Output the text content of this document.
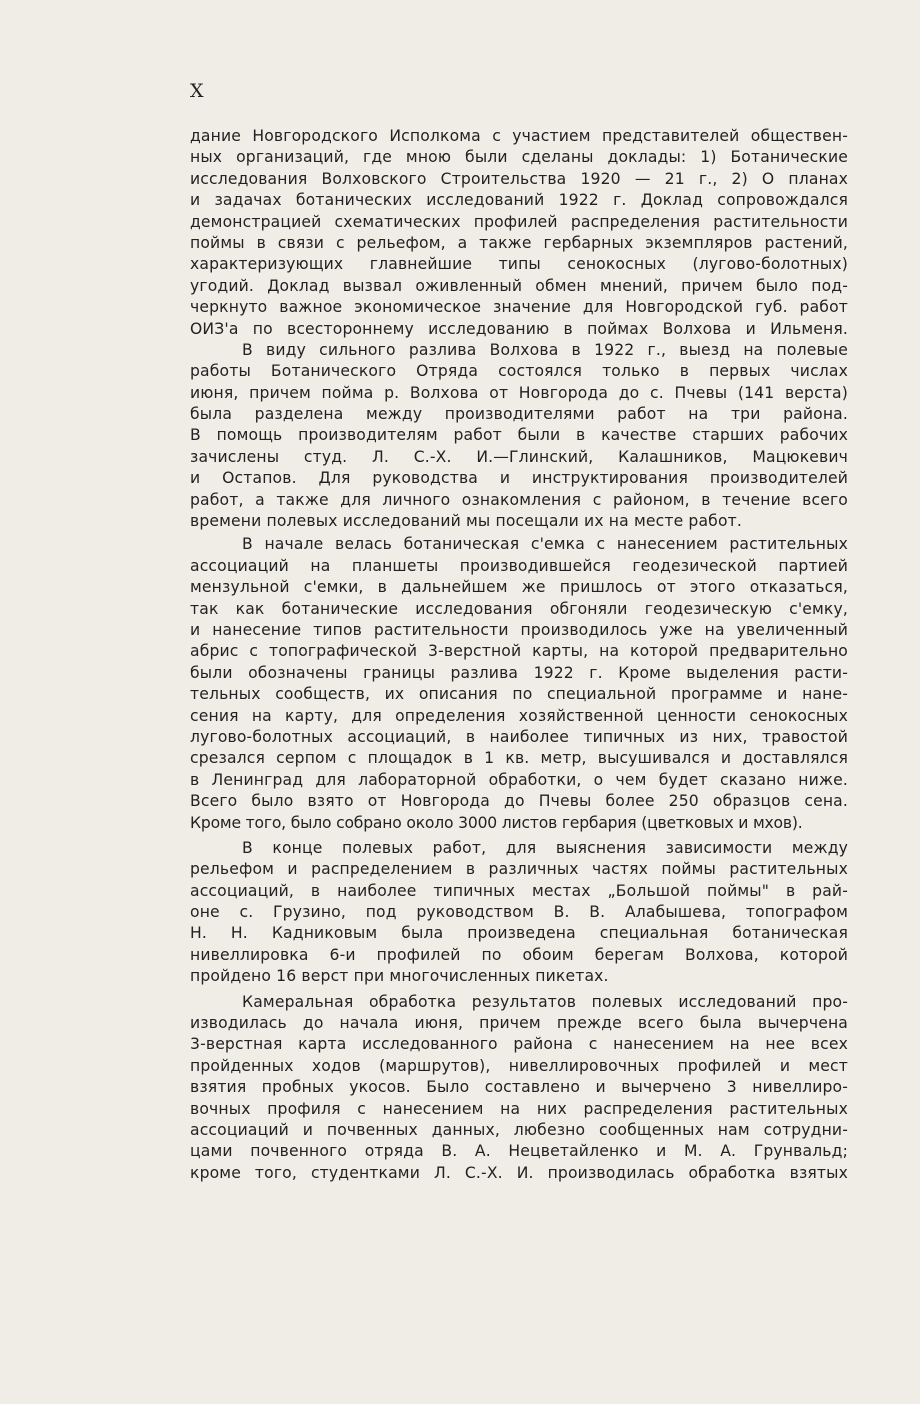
X
дание Новгородского Исполкома с участием представителей обществен-
ных организаций, где мною были сделаны доклады: 1) Ботанические
исследования Волховского Строительства 1920 — 21 г., 2) О планах
и задачах ботанических исследований 1922 г. Доклад сопровождался
демонстрацией схематических профилей распределения растительности
поймы в связи с рельефом, а также гербарных экземпляров растений,
характеризующих главнейшие типы сенокосных (лугово-болотных)
угодий. Доклад вызвал оживленный обмен мнений, причем было под-
черкнуто важное экономическое значение для Новгородской губ. работ
ОИЗ'а по всестороннему исследованию в поймах Волхова и Ильменя.
В виду сильного разлива Волхова в 1922 г., выезд на полевые
работы Ботанического Отряда состоялся только в первых числах
июня, причем пойма р. Волхова от Новгорода до с. Пчевы (141 верста)
была разделена между производителями работ на три района.
В помощь производителям работ были в качестве старших рабочих
зачислены студ. Л. С.-Х. И.—Глинский, Калашников, Мацюкевич
и Остапов. Для руководства и инструктирования производителей
работ, а также для личного ознакомления с районом, в течение всего
времени полевых исследований мы посещали их на месте работ.
В начале велась ботаническая с'емка с нанесением растительных
ассоциаций на планшеты производившейся геодезической партией
мензульной с'емки, в дальнейшем же пришлось от этого отказаться,
так как ботанические исследования обгоняли геодезическую с'емку,
и нанесение типов растительности производилось уже на увеличенный
абрис с топографической 3-верстной карты, на которой предварительно
были обозначены границы разлива 1922 г. Кроме выделения расти-
тельных сообществ, их описания по специальной программе и нане-
сения на карту, для определения хозяйственной ценности сенокосных
лугово-болотных ассоциаций, в наиболее типичных из них, травостой
срезался серпом с площадок в 1 кв. метр, высушивался и доставлялся
в Ленинград для лабораторной обработки, о чем будет сказано ниже.
Всего было взято от Новгорода до Пчевы более 250 образцов сена.
Кроме того, было собрано около 3000 листов гербария (цветковых и мхов).
В конце полевых работ, для выяснения зависимости между
рельефом и распределением в различных частях поймы растительных
ассоциаций, в наиболее типичных местах „Большой поймы" в рай-
оне с. Грузино, под руководством В. В. Алабышева, топографом
Н. Н. Кадниковым была произведена специальная ботаническая
нивеллировка 6-и профилей по обоим берегам Волхова, которой
пройдено 16 верст при многочисленных пикетах.
Камеральная обработка результатов полевых исследований про-
изводилась до начала июня, причем прежде всего была вычерчена
3-верстная карта исследованного района с нанесением на нее всех
пройденных ходов (маршрутов), нивеллировочных профилей и мест
взятия пробных укосов. Было составлено и вычерчено 3 нивеллиро-
вочных профиля с нанесением на них распределения растительных
ассоциаций и почвенных данных, любезно сообщенных нам сотрудни-
цами почвенного отряда В. А. Нецветайленко и М. А. Грунвальд;
кроме того, студентками Л. С.-Х. И. производилась обработка взятых
